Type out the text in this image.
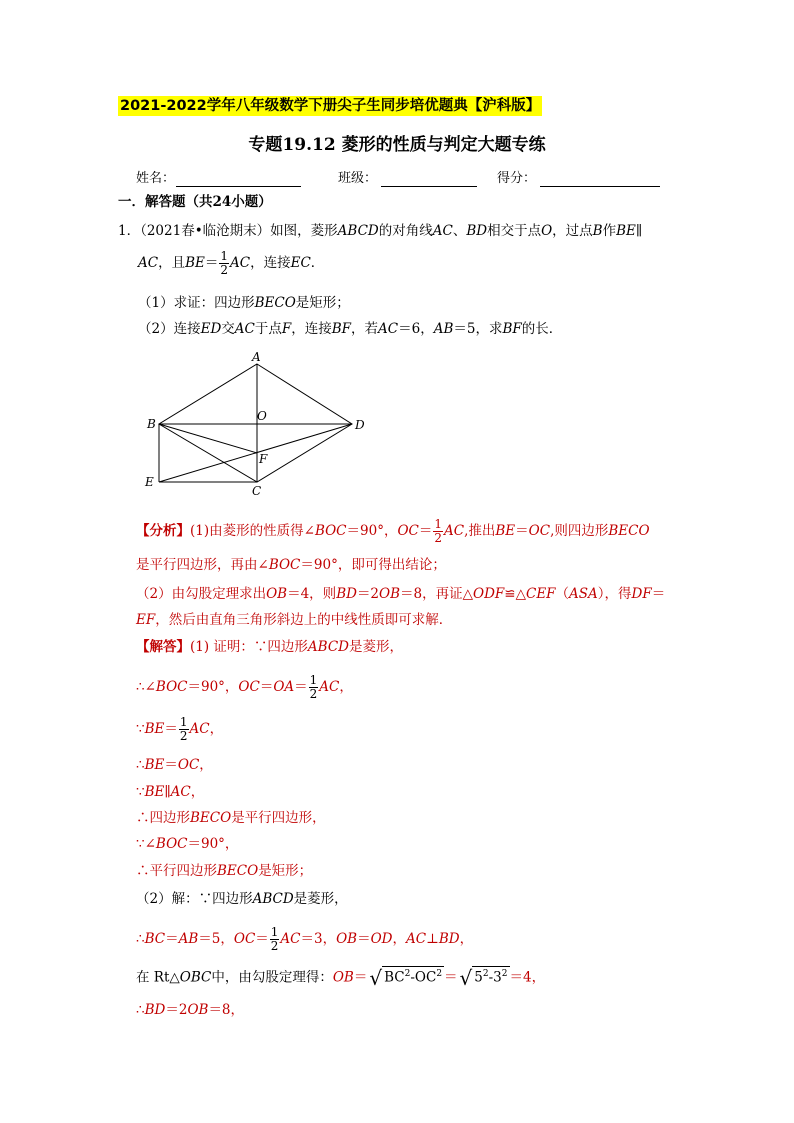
2021-2022学年八年级数学下册尖子生同步培优题典【沪科版】
专题19.12 菱形的性质与判定大题专练
姓名：	班级：	得分：
一．解答题（共24小题）
1．（2021春•临沧期末）如图，菱形ABCD的对角线AC、BD相交于点O，过点B作BE∥
AC，且$BE= \frac{1}{2}$ AC，连接EC．
（1）求证：四边形BECO是矩形；
（2）连接ED交AC于点F，连接BF，若AC＝6，AB＝5，求BF的长．
A
B
O
D
F
E
C
【分析】(1)由菱形的性质得∠BOC＝90°，$OC= \frac{1}{2}$ AC,推出BE＝OC,则四边形BECO
是平行四边形，再由∠BOC＝90°，即可得出结论；
（2）由勾股定理求出OB＝4，则BD＝2OB＝8，再证△ODF≌△CEF（ASA），得DF＝
EF，然后由直角三角形斜边上的中线性质即可求解．
【解答】(1) 证明：∵四边形ABCD是菱形，
∴∠BOC＝90°，$OC=OA= \frac{1}{2}$ AC，
∵BE＝ $\frac{1}{2}$ AC，
∴BE＝OC，
∵BE∥AC，
∴四边形BECO是平行四边形，
∵∠BOC＝90°，
∴平行四边形BECO是矩形；
（2）解：∵四边形ABCD是菱形，
∴BC＝AB＝5，$OC= \frac{1}{2} AC=3$，OB＝OD，AC⊥BD，
在 Rt△OBC中，由勾股定理得：OB＝ √ $BC^2-OC^2$ ＝ √ $5^2-3^2 =4$，
∴BD＝2OB＝8，
